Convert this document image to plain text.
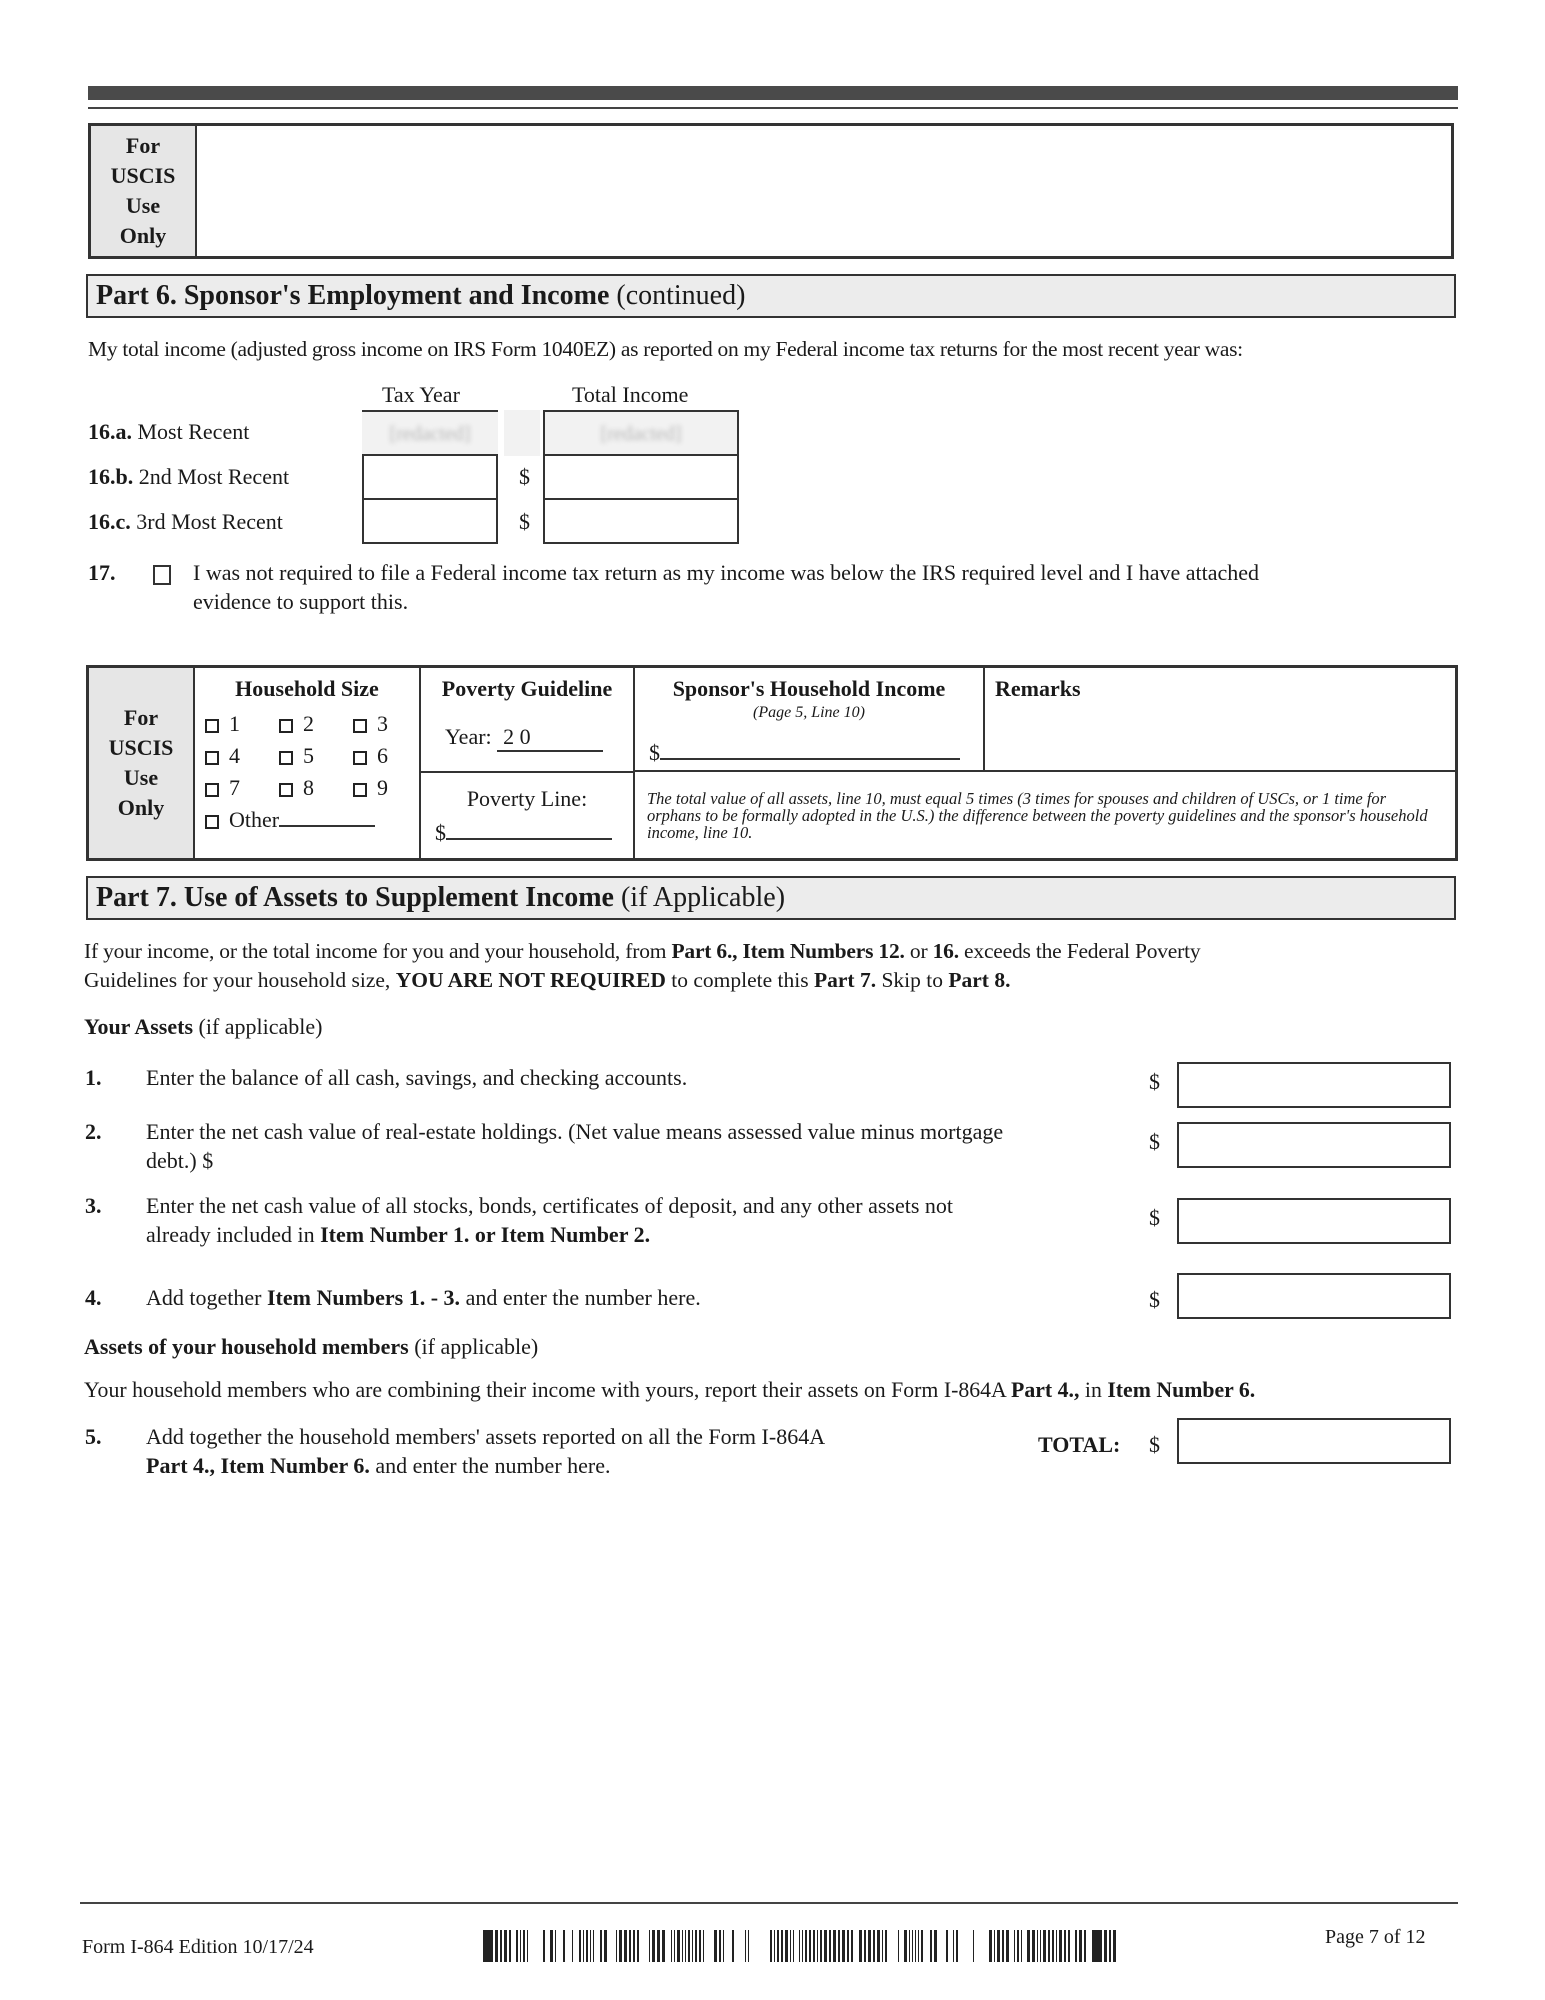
For
USCIS
Use
Only
Part 6. Sponsor's Employment and Income (continued)
My total income (adjusted gross income on IRS Form 1040EZ) as reported on my Federal income tax returns for the most recent year was:
Tax Year	Total Income
16.a. Most Recent	[redacted]	[redacted]
16.b. 2nd Most Recent	$
16.c. 3rd Most Recent	$
17.	I was not required to file a Federal income tax return as my income was below the IRS required level and I have attached
evidence to support this.
For
USCIS
Use
Only
Household Size
1	2	3
4	5	6
7	8	9
Other
Poverty Guideline
Year: 2 0
Poverty Line:
$
Sponsor's Household Income
(Page 5, Line 10)
$
Remarks
The total value of all assets, line 10, must equal 5 times (3 times for spouses and children of USCs, or 1 time for orphans to be formally adopted in the U.S.) the difference between the poverty guidelines and the sponsor's household income, line 10.
Part 7. Use of Assets to Supplement Income (if Applicable)
If your income, or the total income for you and your household, from Part 6., Item Numbers 12. or 16. exceeds the Federal Poverty
Guidelines for your household size, YOU ARE NOT REQUIRED to complete this Part 7. Skip to Part 8.
Your Assets (if applicable)
1. Enter the balance of all cash, savings, and checking accounts.	$
2. Enter the net cash value of real-estate holdings. (Net value means assessed value minus mortgage
debt.) $
$
3. Enter the net cash value of all stocks, bonds, certificates of deposit, and any other assets not
already included in Item Number 1. or Item Number 2.
$
4. Add together Item Numbers 1. - 3. and enter the number here.	$
Assets of your household members (if applicable)
Your household members who are combining their income with yours, report their assets on Form I-864A Part 4., in Item Number 6.
5. Add together the household members' assets reported on all the Form I-864A
Part 4., Item Number 6. and enter the number here.
TOTAL: $
Form I-864 Edition 10/17/24	Page 7 of 12
